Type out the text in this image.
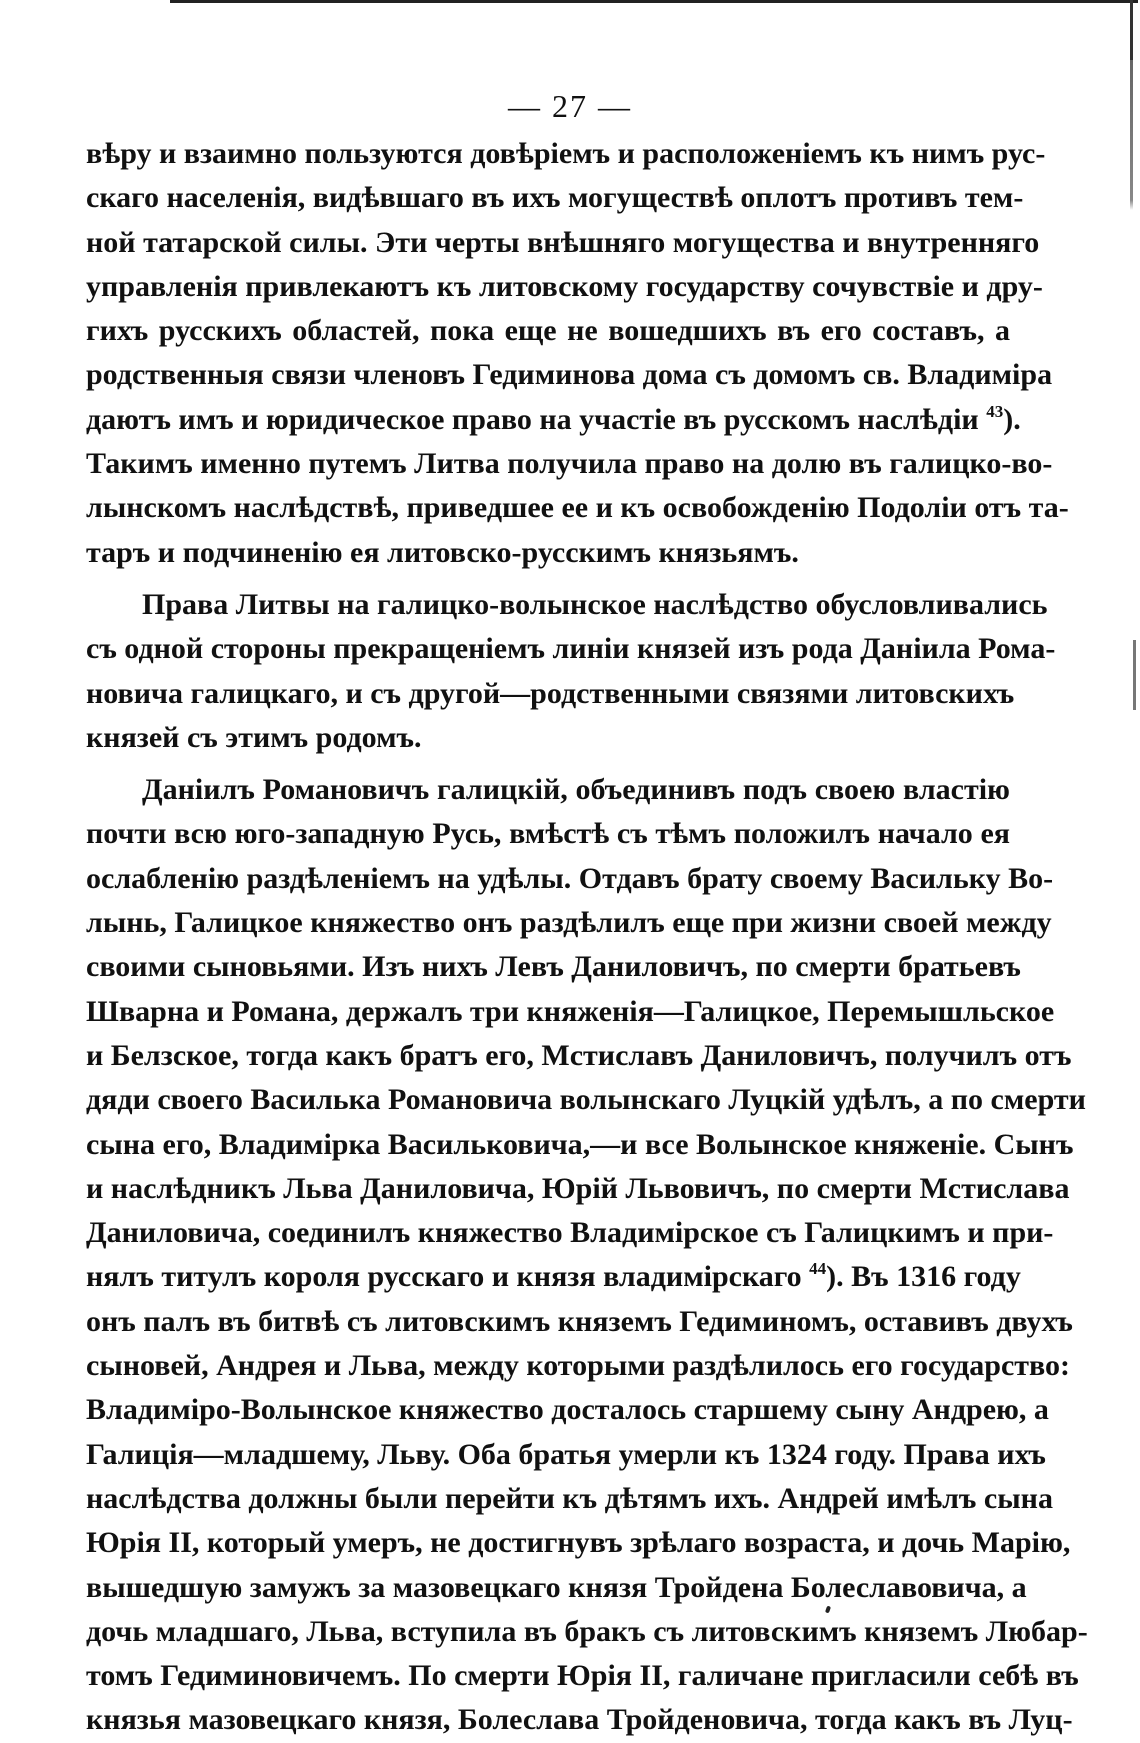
— 27 —
вѣру и взаимно пользуются довѣріемъ и расположеніемъ къ нимъ рус-
скаго населенія, видѣвшаго въ ихъ могуществѣ оплотъ противъ тем-
ной татарской силы. Эти черты внѣшняго могущества и внутренняго
управленія привлекаютъ къ литовскому государству сочувствіе и дру-
гихъ русскихъ областей, пока еще не вошедшихъ въ его составъ, а
родственныя связи членовъ Гедиминова дома съ домомъ св. Владиміра
даютъ имъ и юридическое право на участіе въ русскомъ наслѣдіи $^{43}$).
Такимъ именно путемъ Литва получила право на долю въ галицко-во-
лынскомъ наслѣдствѣ, приведшее ее и къ освобожденію Подоліи отъ та-
таръ и подчиненію ея литовско-русскимъ князьямъ.
Права Литвы на галицко-волынское наслѣдство обусловливались
съ одной стороны прекращеніемъ линіи князей изъ рода Даніила Рома-
новича галицкаго, и съ другой—родственными связями литовскихъ
князей съ этимъ родомъ.
Даніилъ Романовичъ галицкій, объединивъ подъ своею властію
почти всю юго-западную Русь, вмѣстѣ съ тѣмъ положилъ начало ея
ослабленію раздѣленіемъ на удѣлы. Отдавъ брату своему Васильку Во-
лынь, Галицкое княжество онъ раздѣлилъ еще при жизни своей между
своими сыновьями. Изъ нихъ Левъ Даниловичъ, по смерти братьевъ
Шварна и Романа, держалъ три княженія—Галицкое, Перемышльское
и Белзское, тогда какъ братъ его, Мстиславъ Даниловичъ, получилъ отъ
дяди своего Василька Романовича волынскаго Луцкій удѣлъ, а по смерти
сына его, Владимірка Васильковича,—и все Волынское княженіе. Сынъ
и наслѣдникъ Льва Даниловича, Юрій Львовичъ, по смерти Мстислава
Даниловича, соединилъ княжество Владимірское съ Галицкимъ и при-
нялъ титулъ короля русскаго и князя владимірскаго $^{44}$). Въ 1316 году
онъ палъ въ битвѣ съ литовскимъ княземъ Гедиминомъ, оставивъ двухъ
сыновей, Андрея и Льва, между которыми раздѣлилось его государство:
Владиміро-Волынское княжество досталось старшему сыну Андрею, а
Галиція—младшему, Льву. Оба братья умерли къ 1324 году. Права ихъ
наслѣдства должны были перейти къ дѣтямъ ихъ. Андрей имѣлъ сына
Юрія II, который умеръ, не достигнувъ зрѣлаго возраста, и дочь Марію,
вышедшую замужъ за мазовецкаго князя Тройдена Болеславовича, а
дочь младшаго, Льва, вступила въ бракъ съ литовскимъ княземъ Любар-
томъ Гедиминовичемъ. По смерти Юрія II, галичане пригласили себѣ въ
князья мазовецкаго князя, Болеслава Тройденовича, тогда какъ въ Луц-
